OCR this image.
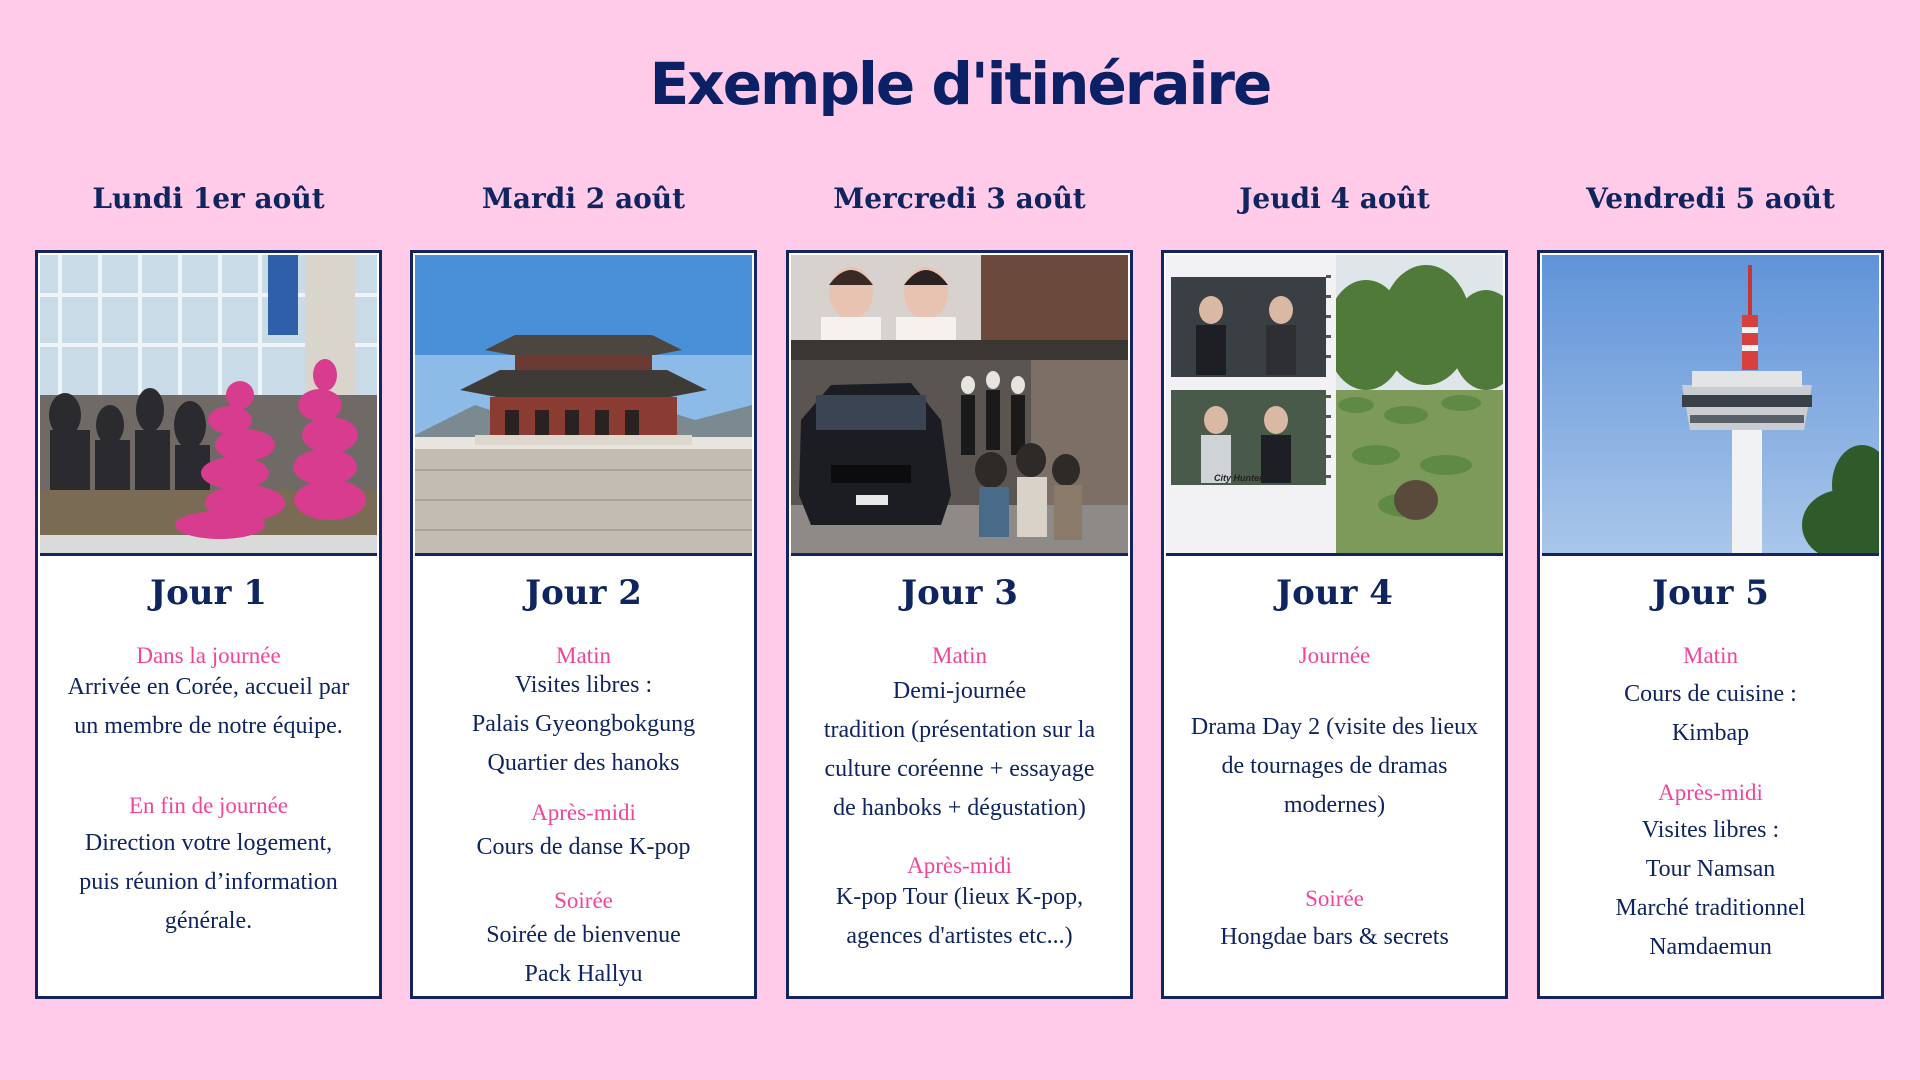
Exemple d'itinéraire
Lundi 1er août
Jour 1
Dans la journée
Arrivée en Corée, accueil par
un membre de notre équipe.
En fin de journée
Direction votre logement,
puis réunion d’information
générale.
Mardi 2 août
Jour 2
Matin
Visites libres :
Palais Gyeongbokgung
Quartier des hanoks
Après-midi
Cours de danse K-pop
Soirée
Soirée de bienvenue
Pack Hallyu
Mercredi 3 août
Jour 3
Matin
Demi-journée
tradition (présentation sur la
culture coréenne + essayage
de hanboks + dégustation)
Après-midi
K-pop Tour (lieux K-pop,
agences d'artistes etc...)
Jeudi 4 août
City Hunter
Jour 4
Journée
Drama Day 2 (visite des lieux
de tournages de dramas
modernes)
Soirée
Hongdae bars & secrets
Vendredi 5 août
Jour 5
Matin
Cours de cuisine :
Kimbap
Après-midi
Visites libres :
Tour Namsan
Marché traditionnel
Namdaemun
